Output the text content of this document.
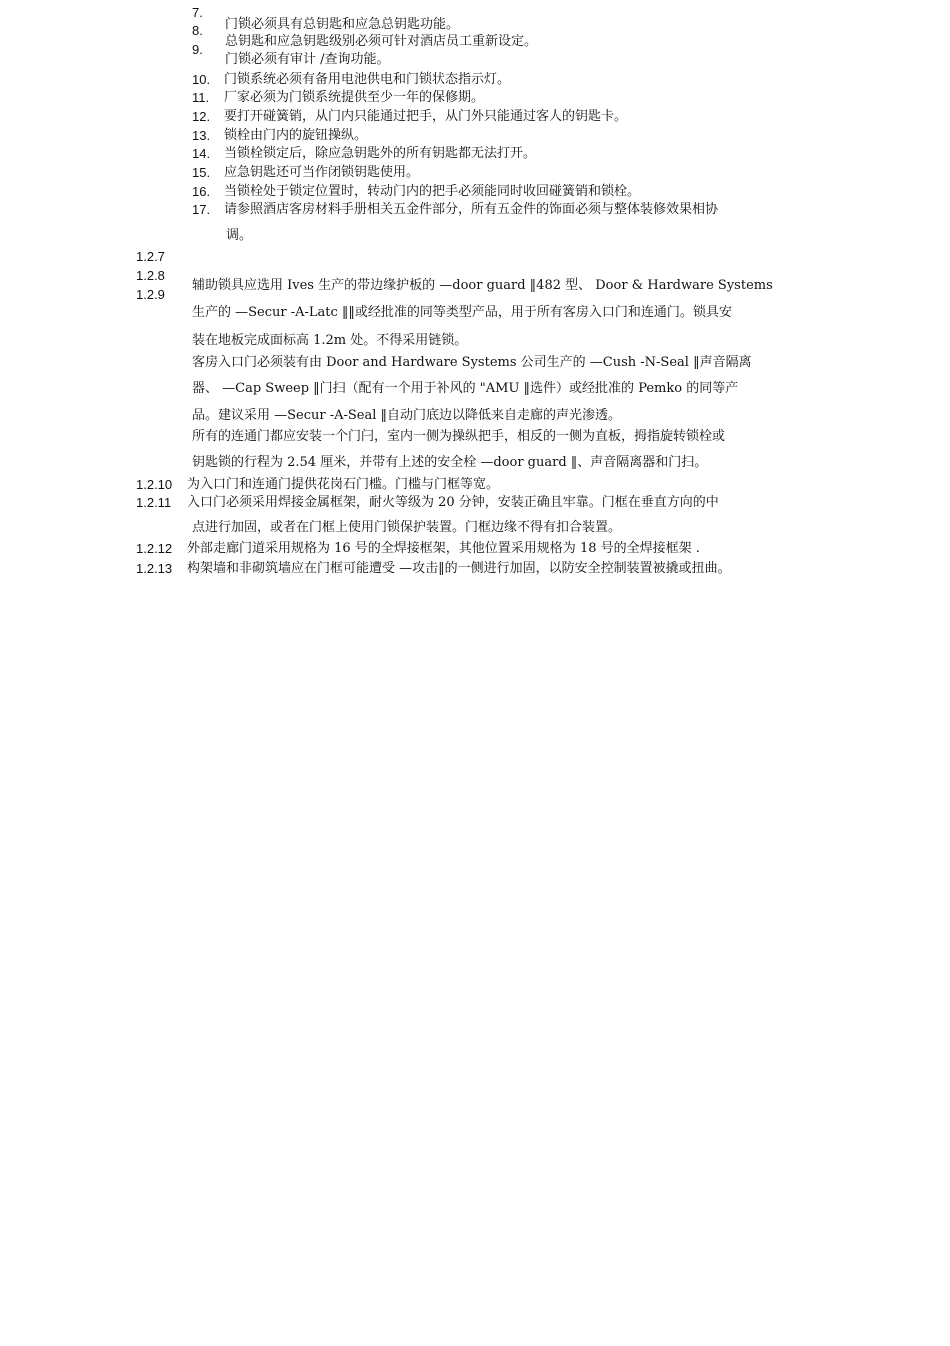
7.
8.
9.
门锁必须具有总钥匙和应急总钥匙功能。
总钥匙和应急钥匙级别必须可针对酒店员工重新设定。
门锁必须有审计 /查询功能。
10. 门锁系统必须有备用电池供电和门锁状态指示灯。
11. 厂家必须为门锁系统提供至少一年的保修期。
12. 要打开碰簧销，从门内只能通过把手，从门外只能通过客人的钥匙卡。
13. 锁栓由门内的旋钮操纵。
14. 当锁栓锁定后，除应急钥匙外的所有钥匙都无法打开。
15. 应急钥匙还可当作闭锁钥匙使用。
16. 当锁栓处于锁定位置时，转动门内的把手必须能同时收回碰簧销和锁栓。
17. 请参照酒店客房材料手册相关五金件部分，所有五金件的饰面必须与整体装修效果相协
调。
1.2.7
1.2.8
1.2.9
辅助锁具应选用 Ives 生产的带边缘护板的 —door guard ‖482 型、 Door & Hardware Systems
生产的 —Secur -A-Latc ‖‖或经批准的同等类型产品，用于所有客房入口门和连通门。锁具安
装在地板完成面标高 1.2m 处。不得采用链锁。
客房入口门必须装有由 Door and Hardware Systems 公司生产的 —Cush -N-Seal ‖声音隔离
器、 —Cap Sweep ‖门扫（配有一个用于补风的 "AMU ‖选件）或经批准的 Pemko 的同等产
品。建议采用 —Secur -A-Seal ‖自动门底边以降低来自走廊的声光渗透。
所有的连通门都应安装一个门闩，室内一侧为操纵把手，相反的一侧为直板，拇指旋转锁栓或
钥匙锁的行程为 2.54 厘米，并带有上述的安全栓 —door guard ‖、声音隔离器和门扫。
1.2.10 为入口门和连通门提供花岗石门槛。门槛与门框等宽。
1.2.11 入口门必须采用焊接金属框架，耐火等级为 20 分钟，安装正确且牢靠。门框在垂直方向的中
点进行加固，或者在门框上使用门锁保护装置。门框边缘不得有扣合装置。
1.2.12 外部走廊门道采用规格为 16 号的全焊接框架，其他位置采用规格为 18 号的全焊接框架 .
1.2.13 构架墙和非砌筑墙应在门框可能遭受 —攻击‖的一侧进行加固，以防安全控制装置被撬或扭曲。
